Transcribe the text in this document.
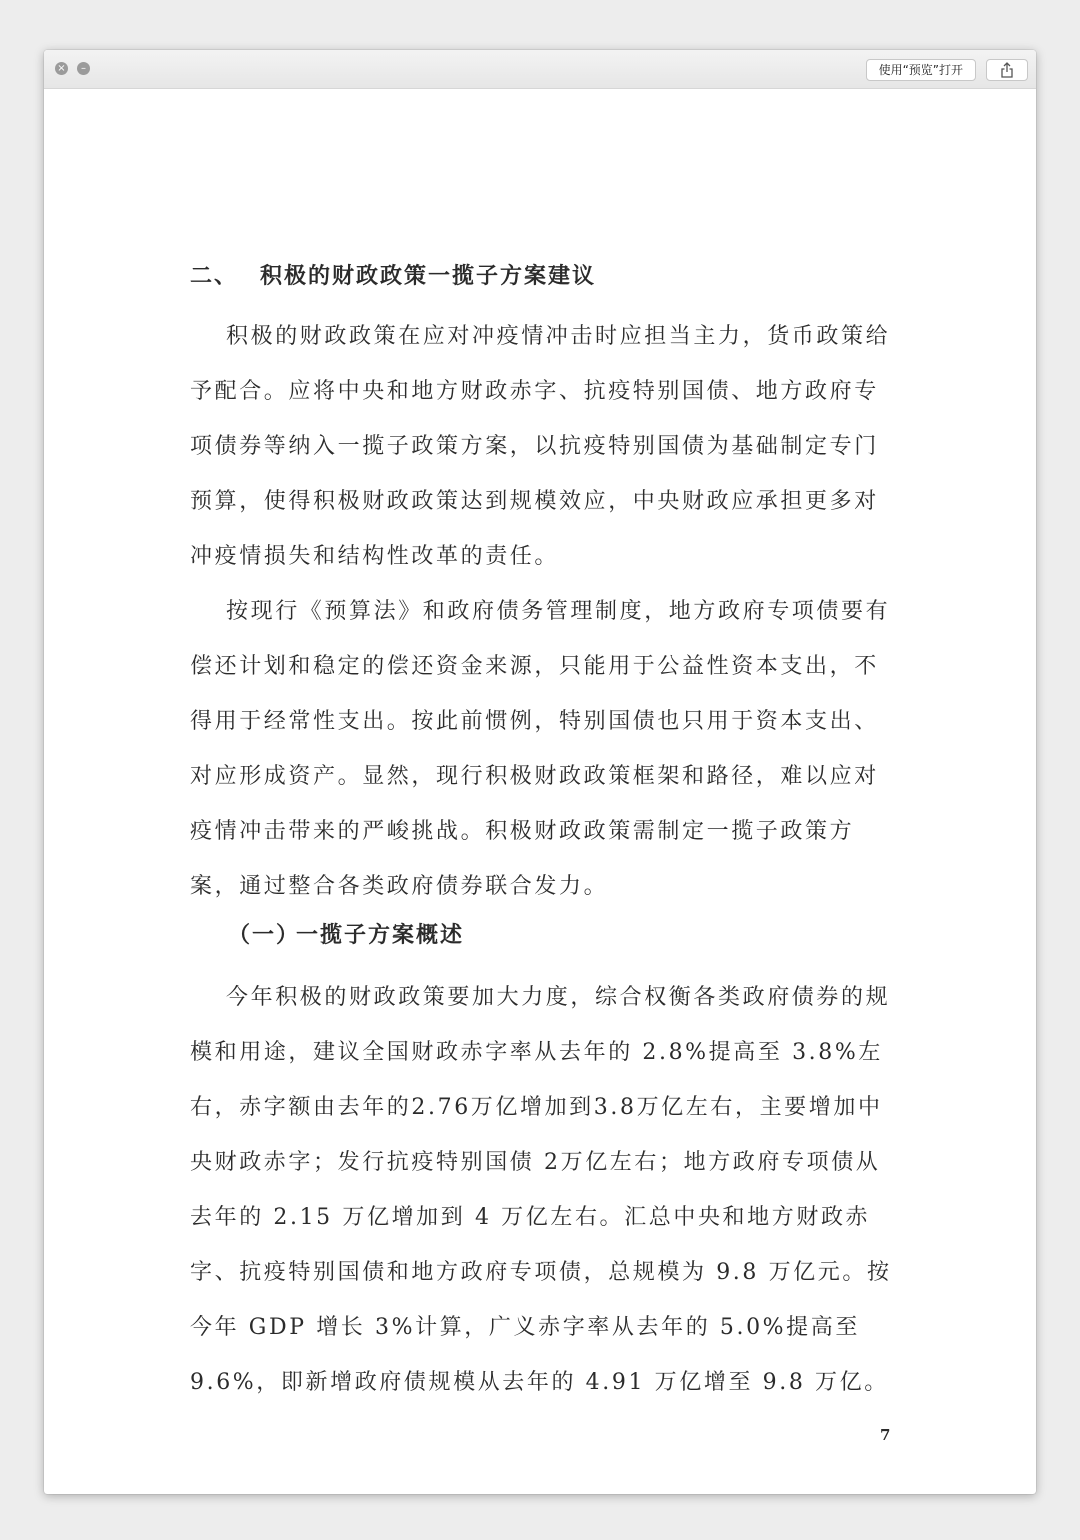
×	–	使用“预览”打开
二、 积极的财政政策一揽子方案建议
积极的财政政策在应对冲疫情冲击时应担当主力，货币政策给予配合。应将中央和地方财政赤字、抗疫特别国债、地方政府专项债券等纳入一揽子政策方案，以抗疫特别国债为基础制定专门预算，使得积极财政政策达到规模效应，中央财政应承担更多对冲疫情损失和结构性改革的责任。
按现行《预算法》和政府债务管理制度，地方政府专项债要有偿还计划和稳定的偿还资金来源，只能用于公益性资本支出，不得用于经常性支出。按此前惯例，特别国债也只用于资本支出、对应形成资产。显然，现行积极财政政策框架和路径，难以应对疫情冲击带来的严峻挑战。积极财政政策需制定一揽子政策方案，通过整合各类政府债券联合发力。
（一）一揽子方案概述
今年积极的财政政策要加大力度，综合权衡各类政府债券的规模和用途，建议全国财政赤字率从去年的 2.8%提高至 3.8%左右，赤字额由去年的2.76万亿增加到3.8万亿左右，主要增加中央财政赤字；发行抗疫特别国债 2万亿左右；地方政府专项债从去年的 2.15 万亿增加到 4 万亿左右。汇总中央和地方财政赤字、抗疫特别国债和地方政府专项债，总规模为 9.8 万亿元。按今年 GDP 增长 3%计算，广义赤字率从去年的 5.0%提高至 9.6%，即新增政府债规模从去年的 4.91 万亿增至 9.8 万亿。
7
